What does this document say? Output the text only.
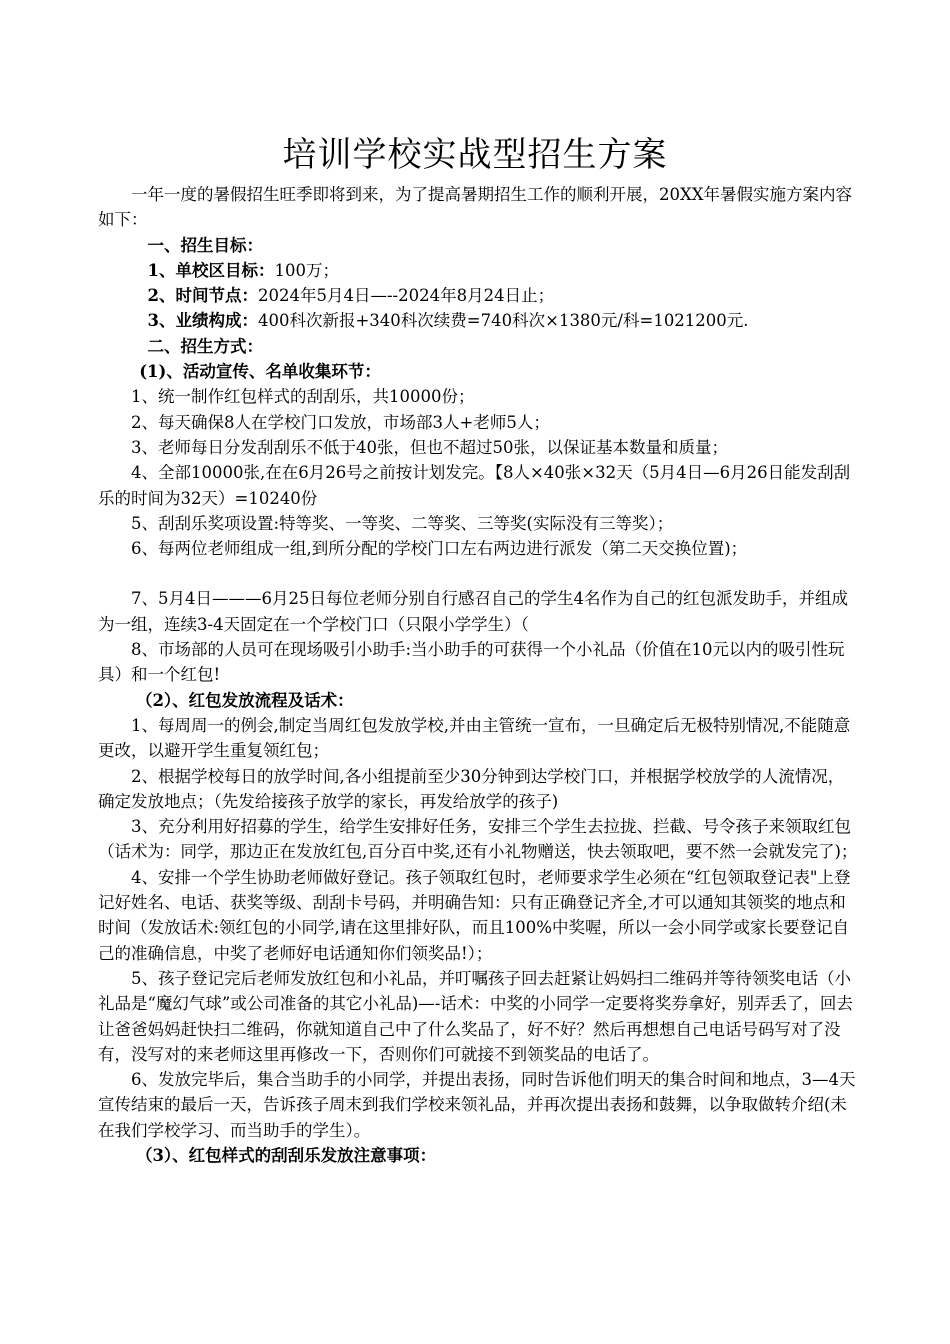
培训学校实战型招生方案

一年一度的暑假招生旺季即将到来，为了提高暑期招生工作的顺利开展，20XX年暑假实施方案内容如下：

一、招生目标：

1、单校区目标：100万；

2、时间节点：2024年5月4日—--2024年8月24日止；

3、业绩构成：400科次新报+340科次续费=740科次×1380元/科=1021200元.

二、招生方式：

(1)、活动宣传、名单收集环节：

1、统一制作红包样式的刮刮乐，共10000份；

2、每天确保8人在学校门口发放，市场部3人+老师5人；

3、老师每日分发刮刮乐不低于40张，但也不超过50张，以保证基本数量和质量；

4、全部10000张,在在6月26号之前按计划发完。【8人×40张×32天（5月4日—6月26日能发刮刮乐的时间为32天）=10240份

5、刮刮乐奖项设置:特等奖、一等奖、二等奖、三等奖(实际没有三等奖）；

6、每两位老师组成一组,到所分配的学校门口左右两边进行派发（第二天交换位置)；

7、5月4日———6月25日每位老师分别自行感召自己的学生4名作为自己的红包派发助手，并组成为一组，连续3-4天固定在一个学校门口（只限小学学生）（

8、市场部的人员可在现场吸引小助手:当小助手的可获得一个小礼品（价值在10元以内的吸引性玩具）和一个红包!

（2）、红包发放流程及话术：

1、每周周一的例会,制定当周红包发放学校,并由主管统一宣布，一旦确定后无极特别情况,不能随意更改，以避开学生重复领红包；

2、根据学校每日的放学时间,各小组提前至少30分钟到达学校门口，并根据学校放学的人流情况，确定发放地点；（先发给接孩子放学的家长，再发给放学的孩子)

3、充分利用好招募的学生，给学生安排好任务，安排三个学生去拉拢、拦截、号令孩子来领取红包（话术为：同学，那边正在发放红包,百分百中奖,还有小礼物赠送，快去领取吧，要不然一会就发完了)；

4、安排一个学生协助老师做好登记。孩子领取红包时，老师要求学生必须在“红包领取登记表"上登记好姓名、电话、获奖等级、刮刮卡号码，并明确告知：只有正确登记齐全,才可以通知其领奖的地点和时间（发放话术:领红包的小同学,请在这里排好队，而且100%中奖喔，所以一会小同学或家长要登记自己的准确信息，中奖了老师好电话通知你们领奖品!）；

5、孩子登记完后老师发放红包和小礼品，并叮嘱孩子回去赶紧让妈妈扫二维码并等待领奖电话（小礼品是“魔幻气球”或公司准备的其它小礼品)—-话术：中奖的小同学一定要将奖券拿好，别弄丢了，回去让爸爸妈妈赶快扫二维码，你就知道自己中了什么奖品了，好不好？然后再想想自己电话号码写对了没有，没写对的来老师这里再修改一下，否则你们可就接不到领奖品的电话了。

6、发放完毕后，集合当助手的小同学，并提出表扬，同时告诉他们明天的集合时间和地点，3—4天宣传结束的最后一天，告诉孩子周末到我们学校来领礼品，并再次提出表扬和鼓舞，以争取做转介绍(未在我们学校学习、而当助手的学生）。

（3）、红包样式的刮刮乐发放注意事项：
